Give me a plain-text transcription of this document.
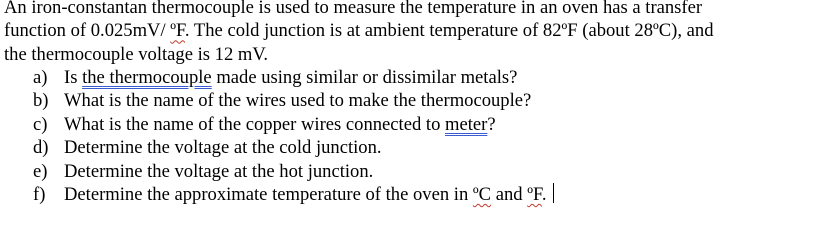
An iron-constantan thermocouple is used to measure the temperature in an oven has a transfer
function of 0.025mV/ ºF. The cold junction is at ambient temperature of 82ºF (about 28ºC), and
the thermocouple voltage is 12 mV.

a) Is the thermocouple made using similar or dissimilar metals?
b) What is the name of the wires used to make the thermocouple?
c) What is the name of the copper wires connected to meter?
d) Determine the voltage at the cold junction.
e) Determine the voltage at the hot junction.
f) Determine the approximate temperature of the oven in ºC and ºF.
